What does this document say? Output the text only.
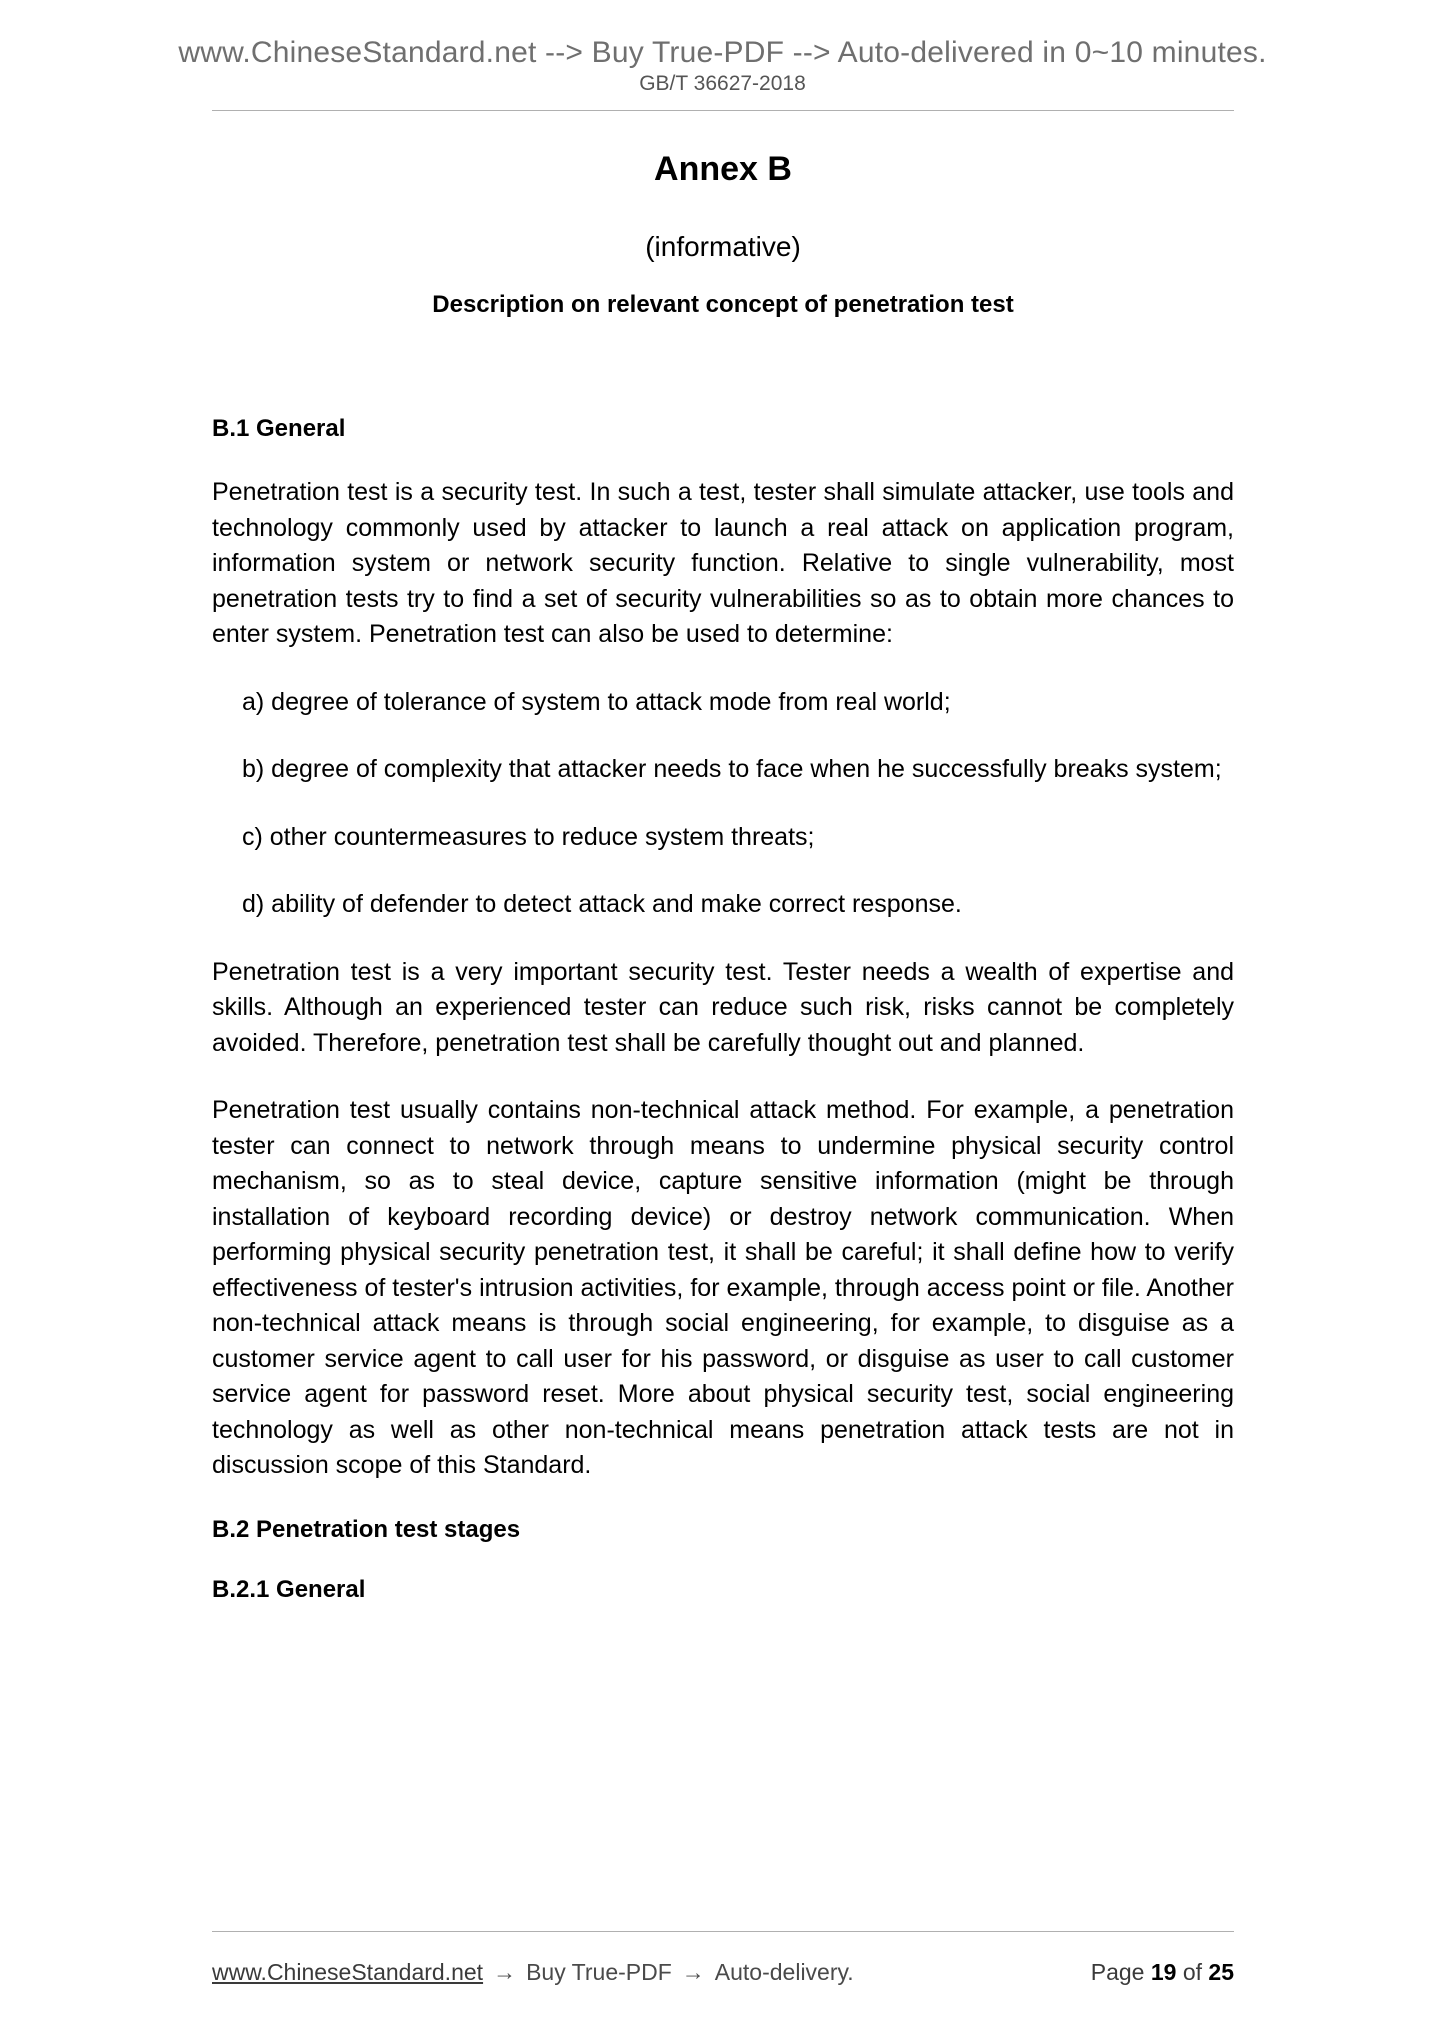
www.ChineseStandard.net --> Buy True-PDF --> Auto-delivered in 0~10 minutes.
GB/T 36627-2018
Annex B
(informative)
Description on relevant concept of penetration test
B.1 General

Penetration test is a security test. In such a test, tester shall simulate attacker, use tools and technology commonly used by attacker to launch a real attack on application program, information system or network security function. Relative to single vulnerability, most penetration tests try to find a set of security vulnerabilities so as to obtain more chances to enter system. Penetration test can also be used to determine:

a) degree of tolerance of system to attack mode from real world;
b) degree of complexity that attacker needs to face when he successfully breaks system;
c) other countermeasures to reduce system threats;
d) ability of defender to detect attack and make correct response.

Penetration test is a very important security test. Tester needs a wealth of expertise and skills. Although an experienced tester can reduce such risk, risks cannot be completely avoided. Therefore, penetration test shall be carefully thought out and planned.

Penetration test usually contains non-technical attack method. For example, a penetration tester can connect to network through means to undermine physical security control mechanism, so as to steal device, capture sensitive information (might be through installation of keyboard recording device) or destroy network communication. When performing physical security penetration test, it shall be careful; it shall define how to verify effectiveness of tester's intrusion activities, for example, through access point or file. Another non-technical attack means is through social engineering, for example, to disguise as a customer service agent to call user for his password, or disguise as user to call customer service agent for password reset. More about physical security test, social engineering technology as well as other non-technical means penetration attack tests are not in discussion scope of this Standard.

B.2 Penetration test stages
B.2.1 General
www.ChineseStandard.net → Buy True-PDF → Auto-delivery.	Page 19 of 25
